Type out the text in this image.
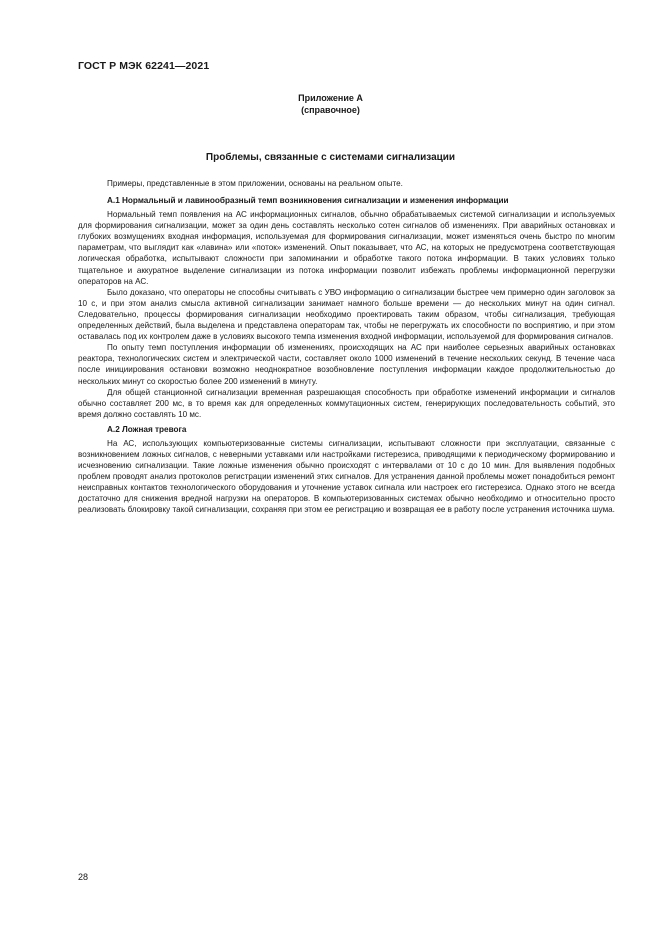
ГОСТ Р МЭК 62241—2021
Приложение А
(справочное)
Проблемы, связанные с системами сигнализации

Примеры, представленные в этом приложении, основаны на реальном опыте.

А.1 Нормальный и лавинообразный темп возникновения сигнализации и изменения информации

Нормальный темп появления на АС информационных сигналов, обычно обрабатываемых системой сигнализации и используемых для формирования сигнализации, может за один день составлять несколько сотен сигналов об изменениях. При аварийных остановках и глубоких возмущениях входная информация, используемая для формирования сигнализации, может изменяться очень быстро по многим параметрам, что выглядит как «лавина» или «поток» изменений. Опыт показывает, что АС, на которых не предусмотрена соответствующая логическая обработка, испытывают сложности при запоминании и обработке такого потока информации. В таких условиях только тщательное и аккуратное выделение сигнализации из потока информации позволит избежать проблемы информационной перегрузки операторов на АС.

Было доказано, что операторы не способны считывать с УВО информацию о сигнализации быстрее чем примерно один заголовок за 10 с, и при этом анализ смысла активной сигнализации занимает намного больше времени — до нескольких минут на один сигнал. Следовательно, процессы формирования сигнализации необходимо проектировать таким образом, чтобы сигнализация, требующая определенных действий, была выделена и представлена операторам так, чтобы не перегружать их способности по восприятию, и при этом оставалась под их контролем даже в условиях высокого темпа изменения входной информации, используемой для формирования сигналов.

По опыту темп поступления информации об изменениях, происходящих на АС при наиболее серьезных аварийных остановках реактора, технологических систем и электрической части, составляет около 1000 изменений в течение нескольких секунд. В течение часа после инициирования остановки возможно неоднократное возобновление поступления информации каждое продолжительностью до нескольких минут со скоростью более 200 изменений в минуту.

Для общей станционной сигнализации временная разрешающая способность при обработке изменений информации и сигналов обычно составляет 200 мс, в то время как для определенных коммутационных систем, генерирующих последовательность событий, это время должно составлять 10 мс.

А.2 Ложная тревога

На АС, использующих компьютеризованные системы сигнализации, испытывают сложности при эксплуатации, связанные с возникновением ложных сигналов, с неверными уставками или настройками гистерезиса, приводящими к периодическому формированию и исчезновению сигнализации. Такие ложные изменения обычно происходят с интервалами от 10 с до 10 мин. Для выявления подобных проблем проводят анализ протоколов регистрации изменений этих сигналов. Для устранения данной проблемы может понадобиться ремонт неисправных контактов технологического оборудования и уточнение уставок сигнала или настроек его гистерезиса. Однако этого не всегда достаточно для снижения вредной нагрузки на операторов. В компьютеризованных системах обычно необходимо и относительно просто реализовать блокировку такой сигнализации, сохраняя при этом ее регистрацию и возвращая ее в работу после устранения источника шума.

28
